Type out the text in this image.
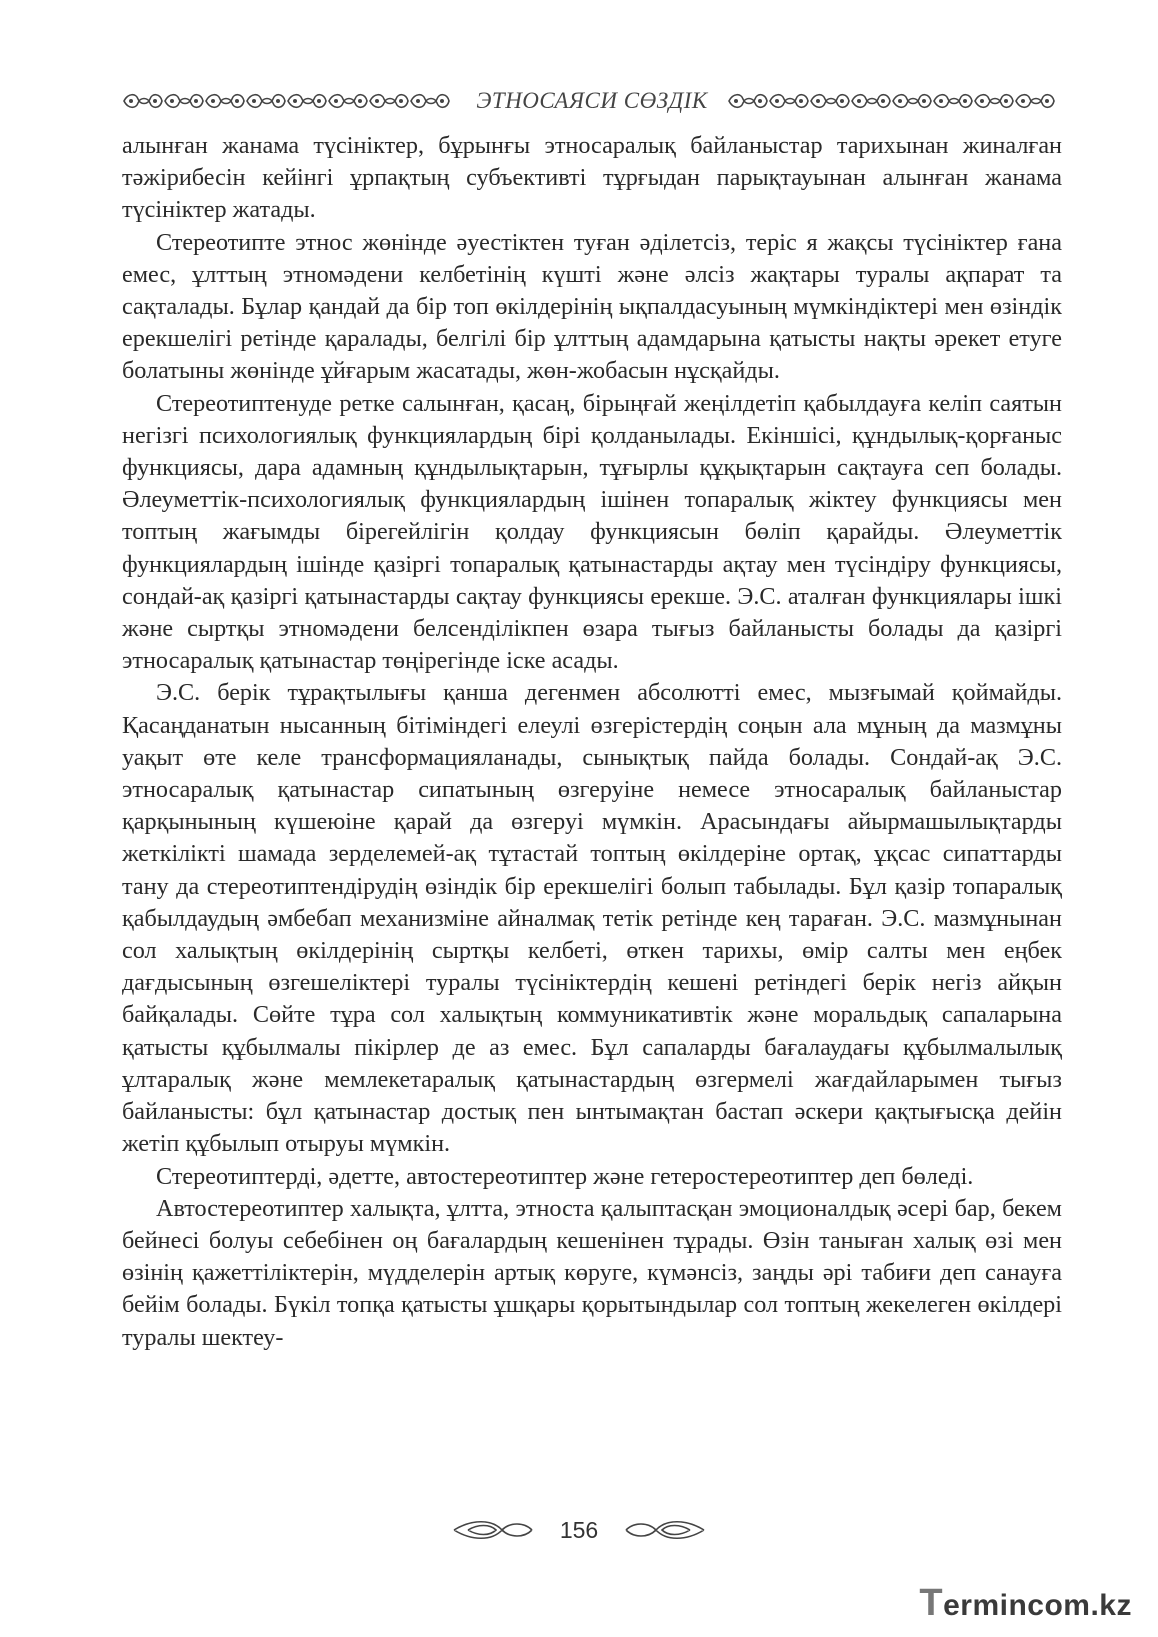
ЭТНОСАЯСИ СӨЗДІК

алынған жанама түсініктер, бұрынғы этносаралық байланыстар тарихынан жиналған тәжірибесін кейінгі ұрпақтың субъективті тұрғыдан парықтауынан алынған жанама түсініктер жатады.

Стереотипте этнос жөнінде әуестіктен туған әділетсіз, теріс я жақсы түсініктер ғана емес, ұлттың этномәдени келбетінің күшті және әлсіз жақтары туралы ақпарат та сақталады. Бұлар қандай да бір топ өкілдерінің ықпалдасуының мүмкіндіктері мен өзіндік ерекшелігі ретінде қаралады, белгілі бір ұлттың адамдарына қатысты нақты әрекет етуге болатыны жөнінде ұйғарым жасатады, жөн-жобасын нұсқайды.

Стереотиптенуде ретке салынған, қасаң, бірыңғай жеңілдетіп қабылдауға келіп саятын негізгі психологиялық функциялардың бірі қолданылады. Екіншісі, құндылық-қорғаныс функциясы, дара адамның құндылықтарын, тұғырлы құқықтарын сақтауға сеп болады. Әлеуметтік-психологиялық функциялардың ішінен топаралық жіктеу функциясы мен топтың жағымды бірегейлігін қолдау функциясын бөліп қарайды. Әлеуметтік функциялардың ішінде қазіргі топаралық қатынастарды ақтау мен түсіндіру функциясы, сондай-ақ қазіргі қатынастарды сақтау функциясы ерекше. Э.С. аталған функциялары ішкі және сыртқы этномәдени белсенділікпен өзара тығыз байланысты болады да қазіргі этносаралық қатынастар төңірегінде іске асады.

Э.С. берік тұрақтылығы қанша дегенмен абсолютті емес, мызғымай қоймайды. Қасаңданатын нысанның бітіміндегі елеулі өзгерістердің соңын ала мұның да мазмұны уақыт өте келе трансформацияланады, сынықтық пайда болады. Сондай-ақ Э.С. этносаралық қатынастар сипатының өзгеруіне немесе этносаралық байланыстар қарқынының күшеюіне қарай да өзгеруі мүмкін. Арасындағы айырмашылықтарды жеткілікті шамада зерделемей-ақ тұтастай топтың өкілдеріне ортақ, ұқсас сипаттарды тану да стереотиптендірудің өзіндік бір ерекшелігі болып табылады. Бұл қазір топаралық қабылдаудың әмбебап механизміне айналмақ тетік ретінде кең тараған. Э.С. мазмұнынан сол халықтың өкілдерінің сыртқы келбеті, өткен тарихы, өмір салты мен еңбек дағдысының өзгешеліктері туралы түсініктердің кешені ретіндегі берік негіз айқын байқалады. Сөйте тұра сол халықтың коммуникативтік және моральдық сапаларына қатысты құбылмалы пікірлер де аз емес. Бұл сапаларды бағалаудағы құбылмалылық ұлтаралық және мемлекетаралық қатынастардың өзгермелі жағдайларымен тығыз байланысты: бұл қатынастар достық пен ынтымақтан бастап әскери қақтығысқа дейін жетіп құбылып отыруы мүмкін.

Стереотиптерді, әдетте, автостереотиптер және гетеростереотиптер деп бөледі.

Автостереотиптер халықта, ұлтта, этноста қалыптасқан эмоционалдық әсері бар, бекем бейнесі болуы себебінен оң бағалардың кешенінен тұрады. Өзін таныған халық өзі мен өзінің қажеттіліктерін, мүдделерін артық көруге, күмәнсіз, заңды әрі табиғи деп санауға бейім болады. Бүкіл топқа қатысты ұшқары қорытындылар сол топтың жекелеген өкілдері туралы шектеу-

156
Termincom.kz
